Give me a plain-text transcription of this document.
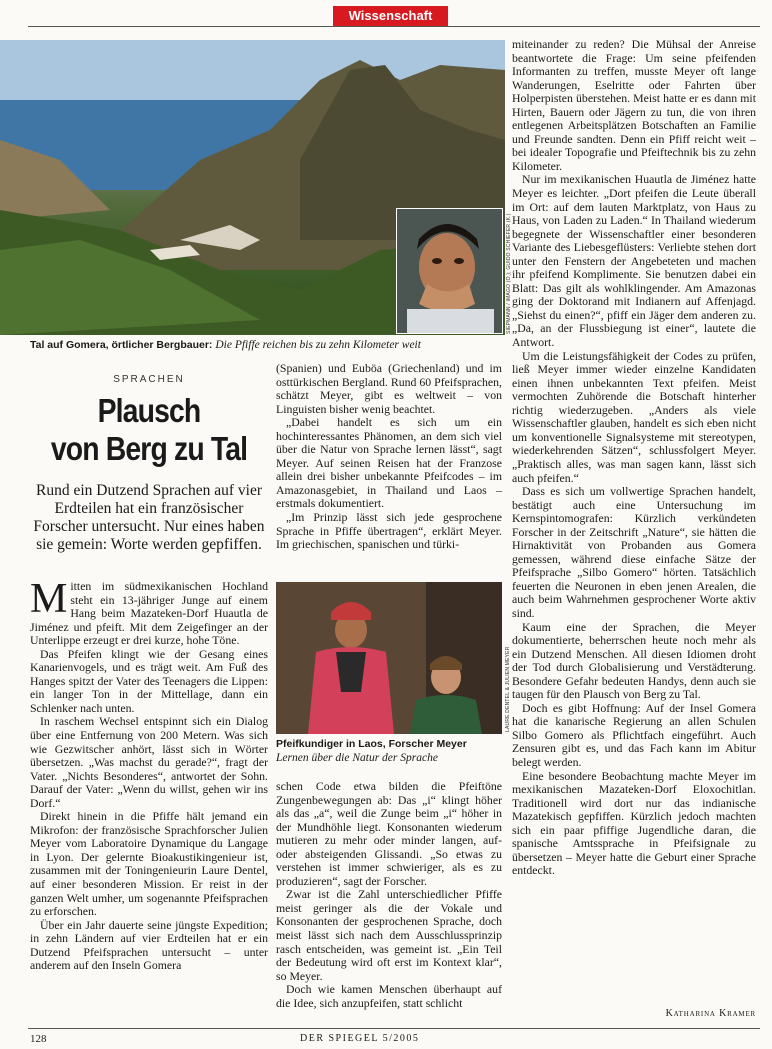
Wissenschaft
SIEPMANN / IMAGO (O.); GUIDO SCHIEFER (K.)
Tal auf Gomera, örtlicher Bergbauer: Die Pfiffe reichen bis zu zehn Kilometer weit
SPRACHEN
Plausch
von Berg zu Tal
Rund ein Dutzend Sprachen auf vier Erdteilen hat ein französischer Forscher untersucht. Nur eines haben sie gemein: Worte werden gepfiffen.

Mitten im südmexikanischen Hochland steht ein 13-jähriger Junge auf einem Hang beim Mazateken-Dorf Huautla de Jiménez und pfeift. Mit dem Zeigefinger an der Unterlippe erzeugt er drei kurze, hohe Töne.

Das Pfeifen klingt wie der Gesang eines Kanarienvogels, und es trägt weit. Am Fuß des Hanges spitzt der Vater des Teenagers die Lippen: ein langer Ton in der Mittellage, dann ein Schlenker nach unten.

In raschem Wechsel entspinnt sich ein Dialog über eine Entfernung von 200 Metern. Was sich wie Gezwitscher anhört, lässt sich in Wörter übersetzen. „Was machst du gerade?“, fragt der Vater. „Nichts Besonderes“, antwortet der Sohn. Darauf der Vater: „Wenn du willst, gehen wir ins Dorf.“

Direkt hinein in die Pfiffe hält jemand ein Mikrofon: der französische Sprachforscher Julien Meyer vom Laboratoire Dynamique du Langage in Lyon. Der gelernte Bioakustikingenieur ist, zusammen mit der Toningenieurin Laure Dentel, auf einer besonderen Mission. Er reist in der ganzen Welt umher, um sogenannte Pfeifsprachen zu erforschen.

Über ein Jahr dauerte seine jüngste Expedition; in zehn Ländern auf vier Erdteilen hat er ein Dutzend Pfeifsprachen untersucht – unter anderem auf den Inseln Gomera

(Spanien) und Euböa (Griechenland) und im osttürkischen Bergland. Rund 60 Pfeifsprachen, schätzt Meyer, gibt es weltweit – von Linguisten bisher wenig beachtet.

„Dabei handelt es sich um ein hochinteressantes Phänomen, an dem sich viel über die Natur von Sprache lernen lässt“, sagt Meyer. Auf seinen Reisen hat der Franzose allein drei bisher unbekannte Pfeifcodes – im Amazonasgebiet, in Thailand und Laos – erstmals dokumentiert.

„Im Prinzip lässt sich jede gesprochene Sprache in Pfiffe übertragen“, erklärt Meyer. Im griechischen, spanischen und türki-

LAURE DENTEL & JULIEN MEYER
Pfeifkundiger in Laos, Forscher Meyer
Lernen über die Natur der Sprache

schen Code etwa bilden die Pfeiftöne Zungenbewegungen ab: Das „i“ klingt höher als das „a“, weil die Zunge beim „i“ höher in der Mundhöhle liegt. Konsonanten wiederum mutieren zu mehr oder minder langen, auf- oder absteigenden Glissandi. „So etwas zu verstehen ist immer schwieriger, als es zu produzieren“, sagt der Forscher.

Zwar ist die Zahl unterschiedlicher Pfiffe meist geringer als die der Vokale und Konsonanten der gesprochenen Sprache, doch meist lässt sich nach dem Ausschlussprinzip rasch entscheiden, was gemeint ist. „Ein Teil der Bedeutung wird oft erst im Kontext klar“, so Meyer.

Doch wie kamen Menschen überhaupt auf die Idee, sich anzupfeifen, statt schlicht

miteinander zu reden? Die Mühsal der Anreise beantwortete die Frage: Um seine pfeifenden Informanten zu treffen, musste Meyer oft lange Wanderungen, Eselritte oder Fahrten über Holperpisten überstehen. Meist hatte er es dann mit Hirten, Bauern oder Jägern zu tun, die von ihren entlegenen Arbeitsplätzen Botschaften an Familie und Freunde sandten. Denn ein Pfiff reicht weit – bei idealer Topografie und Pfeiftechnik bis zu zehn Kilometer.

Nur im mexikanischen Huautla de Jiménez hatte Meyer es leichter. „Dort pfeifen die Leute überall im Ort: auf dem lauten Marktplatz, von Haus zu Haus, von Laden zu Laden.“ In Thailand wiederum begegnete der Wissenschaftler einer besonderen Variante des Liebesgeflüsters: Verliebte stehen dort unter den Fenstern der Angebeteten und machen ihr pfeifend Komplimente. Sie benutzen dabei ein Blatt: Das gilt als wohlklingender. Am Amazonas ging der Doktorand mit Indianern auf Affenjagd. „Siehst du einen?“, pfiff ein Jäger dem anderen zu. „Da, an der Flussbiegung ist einer“, lautete die Antwort.

Um die Leistungsfähigkeit der Codes zu prüfen, ließ Meyer immer wieder einzelne Kandidaten einen ihnen unbekannten Text pfeifen. Meist vermochten Zuhörende die Botschaft hinterher richtig wiederzugeben. „Anders als viele Wissenschaftler glauben, handelt es sich eben nicht um konventionelle Signalsysteme mit stereotypen, wiederkehrenden Sätzen“, schlussfolgert Meyer. „Praktisch alles, was man sagen kann, lässt sich auch pfeifen.“

Dass es sich um vollwertige Sprachen handelt, bestätigt auch eine Untersuchung im Kernspintomografen: Kürzlich verkündeten Forscher in der Zeitschrift „Nature“, sie hätten die Hirnaktivität von Probanden aus Gomera gemessen, während diese einfache Sätze der Pfeifsprache „Silbo Gomero“ hörten. Tatsächlich feuerten die Neuronen in eben jenen Arealen, die auch beim Wahrnehmen gesprochener Worte aktiv sind.

Kaum eine der Sprachen, die Meyer dokumentierte, beherrschen heute noch mehr als ein Dutzend Menschen. All diesen Idiomen droht der Tod durch Globalisierung und Verstädterung. Besondere Gefahr bedeuten Handys, denn auch sie taugen für den Plausch von Berg zu Tal.

Doch es gibt Hoffnung: Auf der Insel Gomera hat die kanarische Regierung an allen Schulen Silbo Gomero als Pflichtfach eingeführt. Auch Zensuren gibt es, und das Fach kann im Abitur belegt werden.

Eine besondere Beobachtung machte Meyer im mexikanischen Mazateken-Dorf Eloxochitlan. Traditionell wird dort nur das indianische Mazatekisch gepfiffen. Kürzlich jedoch machten sich ein paar pfiffige Jugendliche daran, die spanische Amtssprache in Pfeifsignale zu übersetzen – Meyer hatte die Geburt einer Sprache entdeckt.

Katharina Kramer
128	DER SPIEGEL 5/2005
